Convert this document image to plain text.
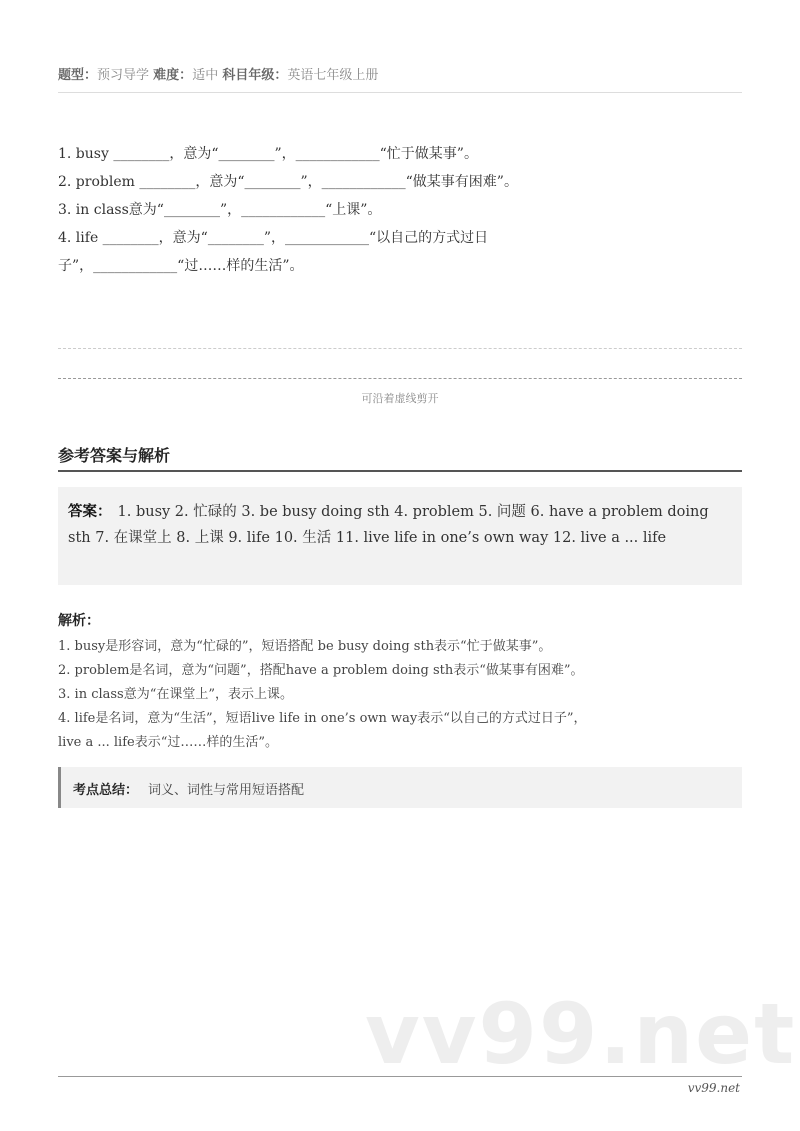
题型：预习导学 难度：适中 科目年级：英语七年级上册
1. busy ________，意为“________”，____________“忙于做某事”。
2. problem ________，意为“________”，____________“做某事有困难”。
3. in class意为“________”，____________“上课”。
4. life ________，意为“________”，____________“以自己的方式过日
子”，____________“过……样的生活”。
可沿着虚线剪开
参考答案与解析
答案： 1. busy 2. 忙碌的 3. be busy doing sth 4. problem 5. 问题 6. have a problem doing sth 7. 在课堂上 8. 上课 9. life 10. 生活 11. live life in one’s own way 12. live a ... life
解析：
1. busy是形容词，意为“忙碌的”，短语搭配 be busy doing sth表示“忙于做某事”。
2. problem是名词，意为“问题”，搭配have a problem doing sth表示“做某事有困难”。
3. in class意为“在课堂上”，表示上课。
4. life是名词，意为“生活”，短语live life in one’s own way表示“以自己的方式过日子”，
live a ... life表示“过……样的生活”。
考点总结： 词义、词性与常用短语搭配
vv99.net
vv99.net
